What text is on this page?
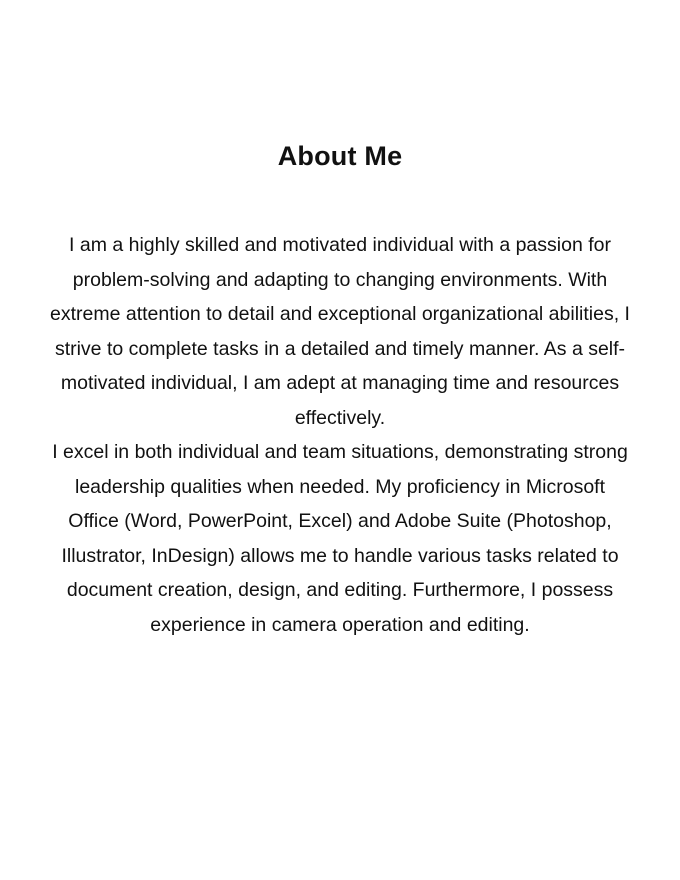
About Me

I am a highly skilled and motivated individual with a passion for problem-solving and adapting to changing environments. With extreme attention to detail and exceptional organizational abilities, I strive to complete tasks in a detailed and timely manner. As a self-motivated individual, I am adept at managing time and resources effectively.

I excel in both individual and team situations, demonstrating strong leadership qualities when needed. My proficiency in Microsoft Office (Word, PowerPoint, Excel) and Adobe Suite (Photoshop, Illustrator, InDesign) allows me to handle various tasks related to document creation, design, and editing. Furthermore, I possess experience in camera operation and editing.
